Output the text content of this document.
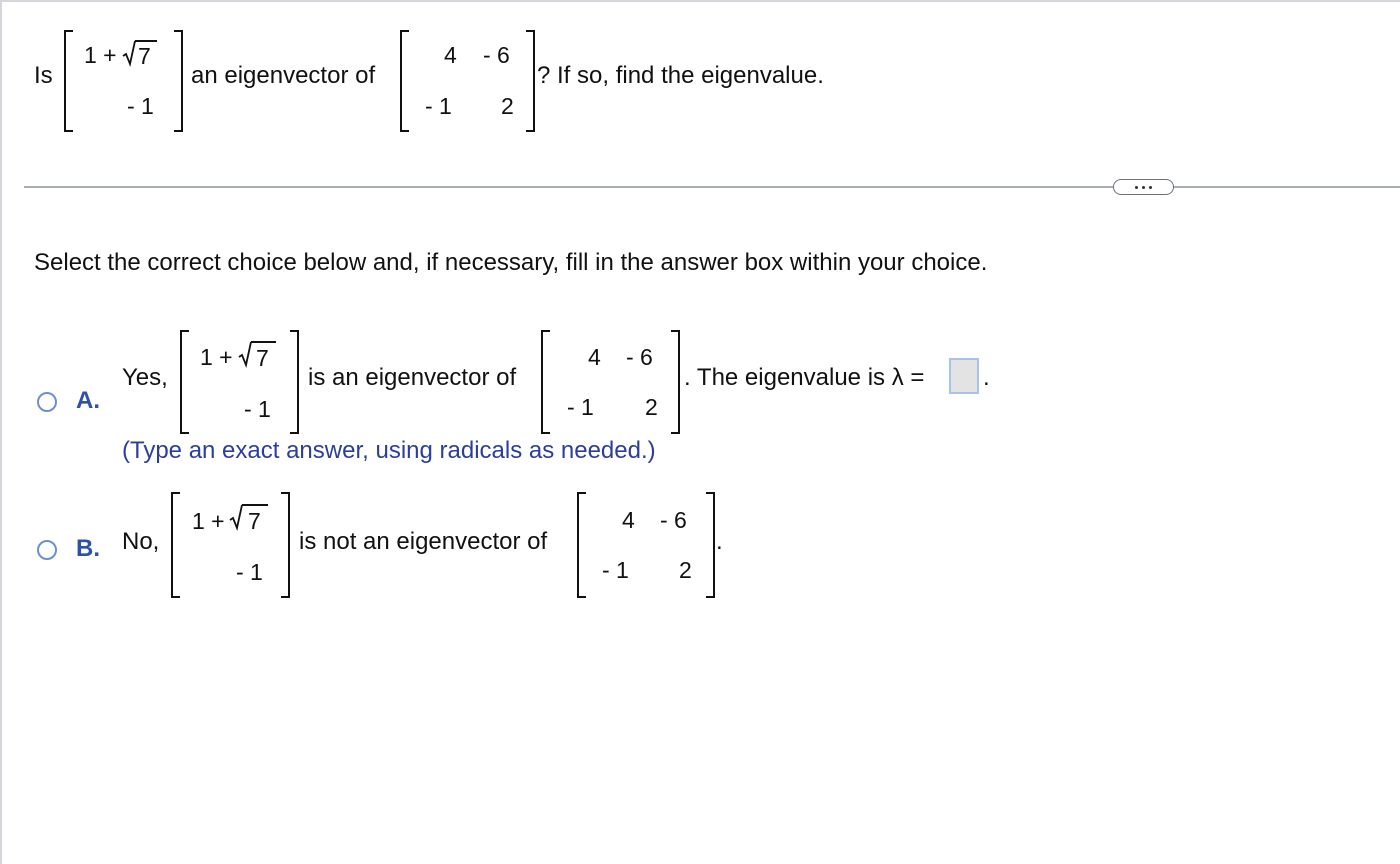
Is
1 + 7
- 1
an eigenvector of
4 - 6
- 1 2
? If so, find the eigenvalue.
Select the correct choice below and, if necessary, fill in the answer box within your choice.
A.
Yes,
1 + 7
- 1
is an eigenvector of
4 - 6
- 1 2
. The eigenvalue is λ = .
(Type an exact answer, using radicals as needed.)
B. No,
1 + 7
- 1
is not an eigenvector of
4 - 6
- 1 2
.
